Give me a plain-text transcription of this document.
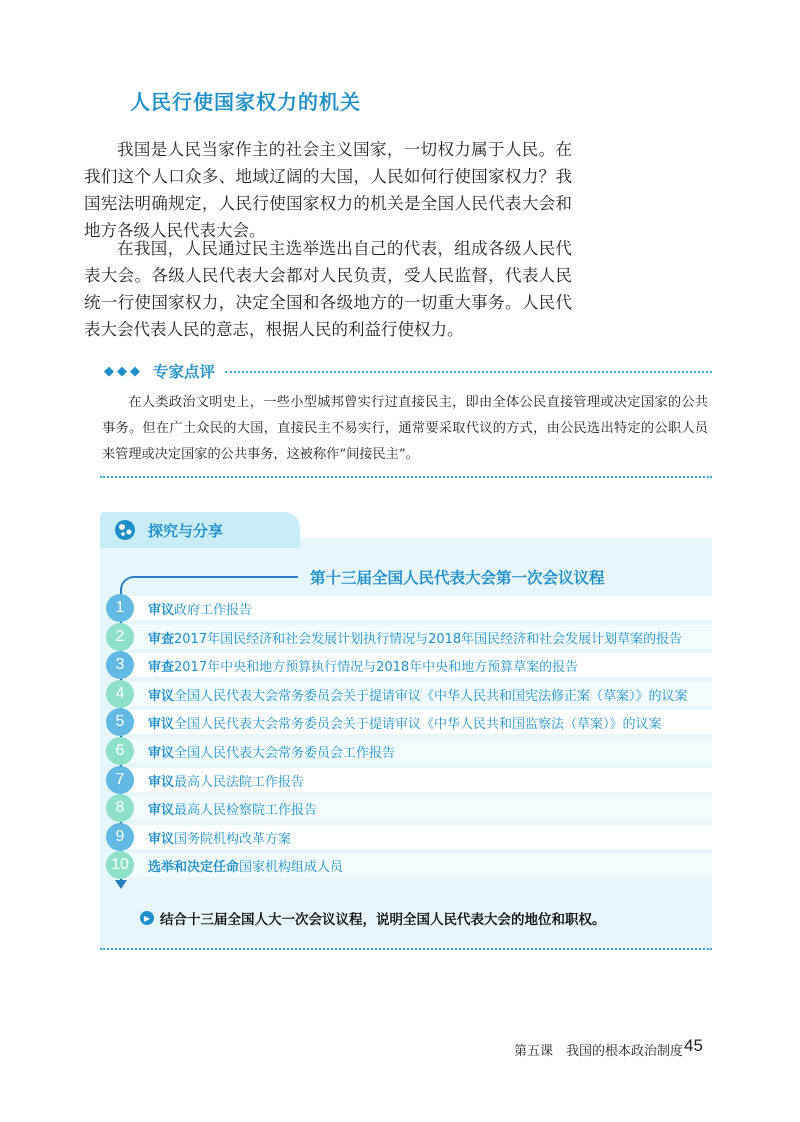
人民行使国家权力的机关

我国是人民当家作主的社会主义国家，一切权力属于人民。在我们这个人口众多、地域辽阔的大国，人民如何行使国家权力？我国宪法明确规定，人民行使国家权力的机关是全国人民代表大会和地方各级人民代表大会。

在我国，人民通过民主选举选出自己的代表，组成各级人民代表大会。各级人民代表大会都对人民负责，受人民监督，代表人民统一行使国家权力，决定全国和各级地方的一切重大事务。人民代表大会代表人民的意志，根据人民的利益行使权力。

◆◆◆ 专家点评

在人类政治文明史上，一些小型城邦曾实行过直接民主，即由全体公民直接管理或决定国家的公共事务。但在广土众民的大国，直接民主不易实行，通常要采取代议的方式，由公民选出特定的公职人员来管理或决定国家的公共事务，这被称作“间接民主”。

探究与分享
第十三届全国人民代表大会第一次会议议程
1	审议政府工作报告
2	审查2017年国民经济和社会发展计划执行情况与2018年国民经济和社会发展计划草案的报告
3	审查2017年中央和地方预算执行情况与2018年中央和地方预算草案的报告
4	审议全国人民代表大会常务委员会关于提请审议《中华人民共和国宪法修正案（草案）》的议案
5	审议全国人民代表大会常务委员会关于提请审议《中华人民共和国监察法（草案）》的议案
6	审议全国人民代表大会常务委员会工作报告
7	审议最高人民法院工作报告
8	审议最高人民检察院工作报告
9	审议国务院机构改革方案
10	选举和决定任命国家机构组成人员
▶ 结合十三届全国人大一次会议议程，说明全国人民代表大会的地位和职权。
第五课　我国的根本政治制度 45
